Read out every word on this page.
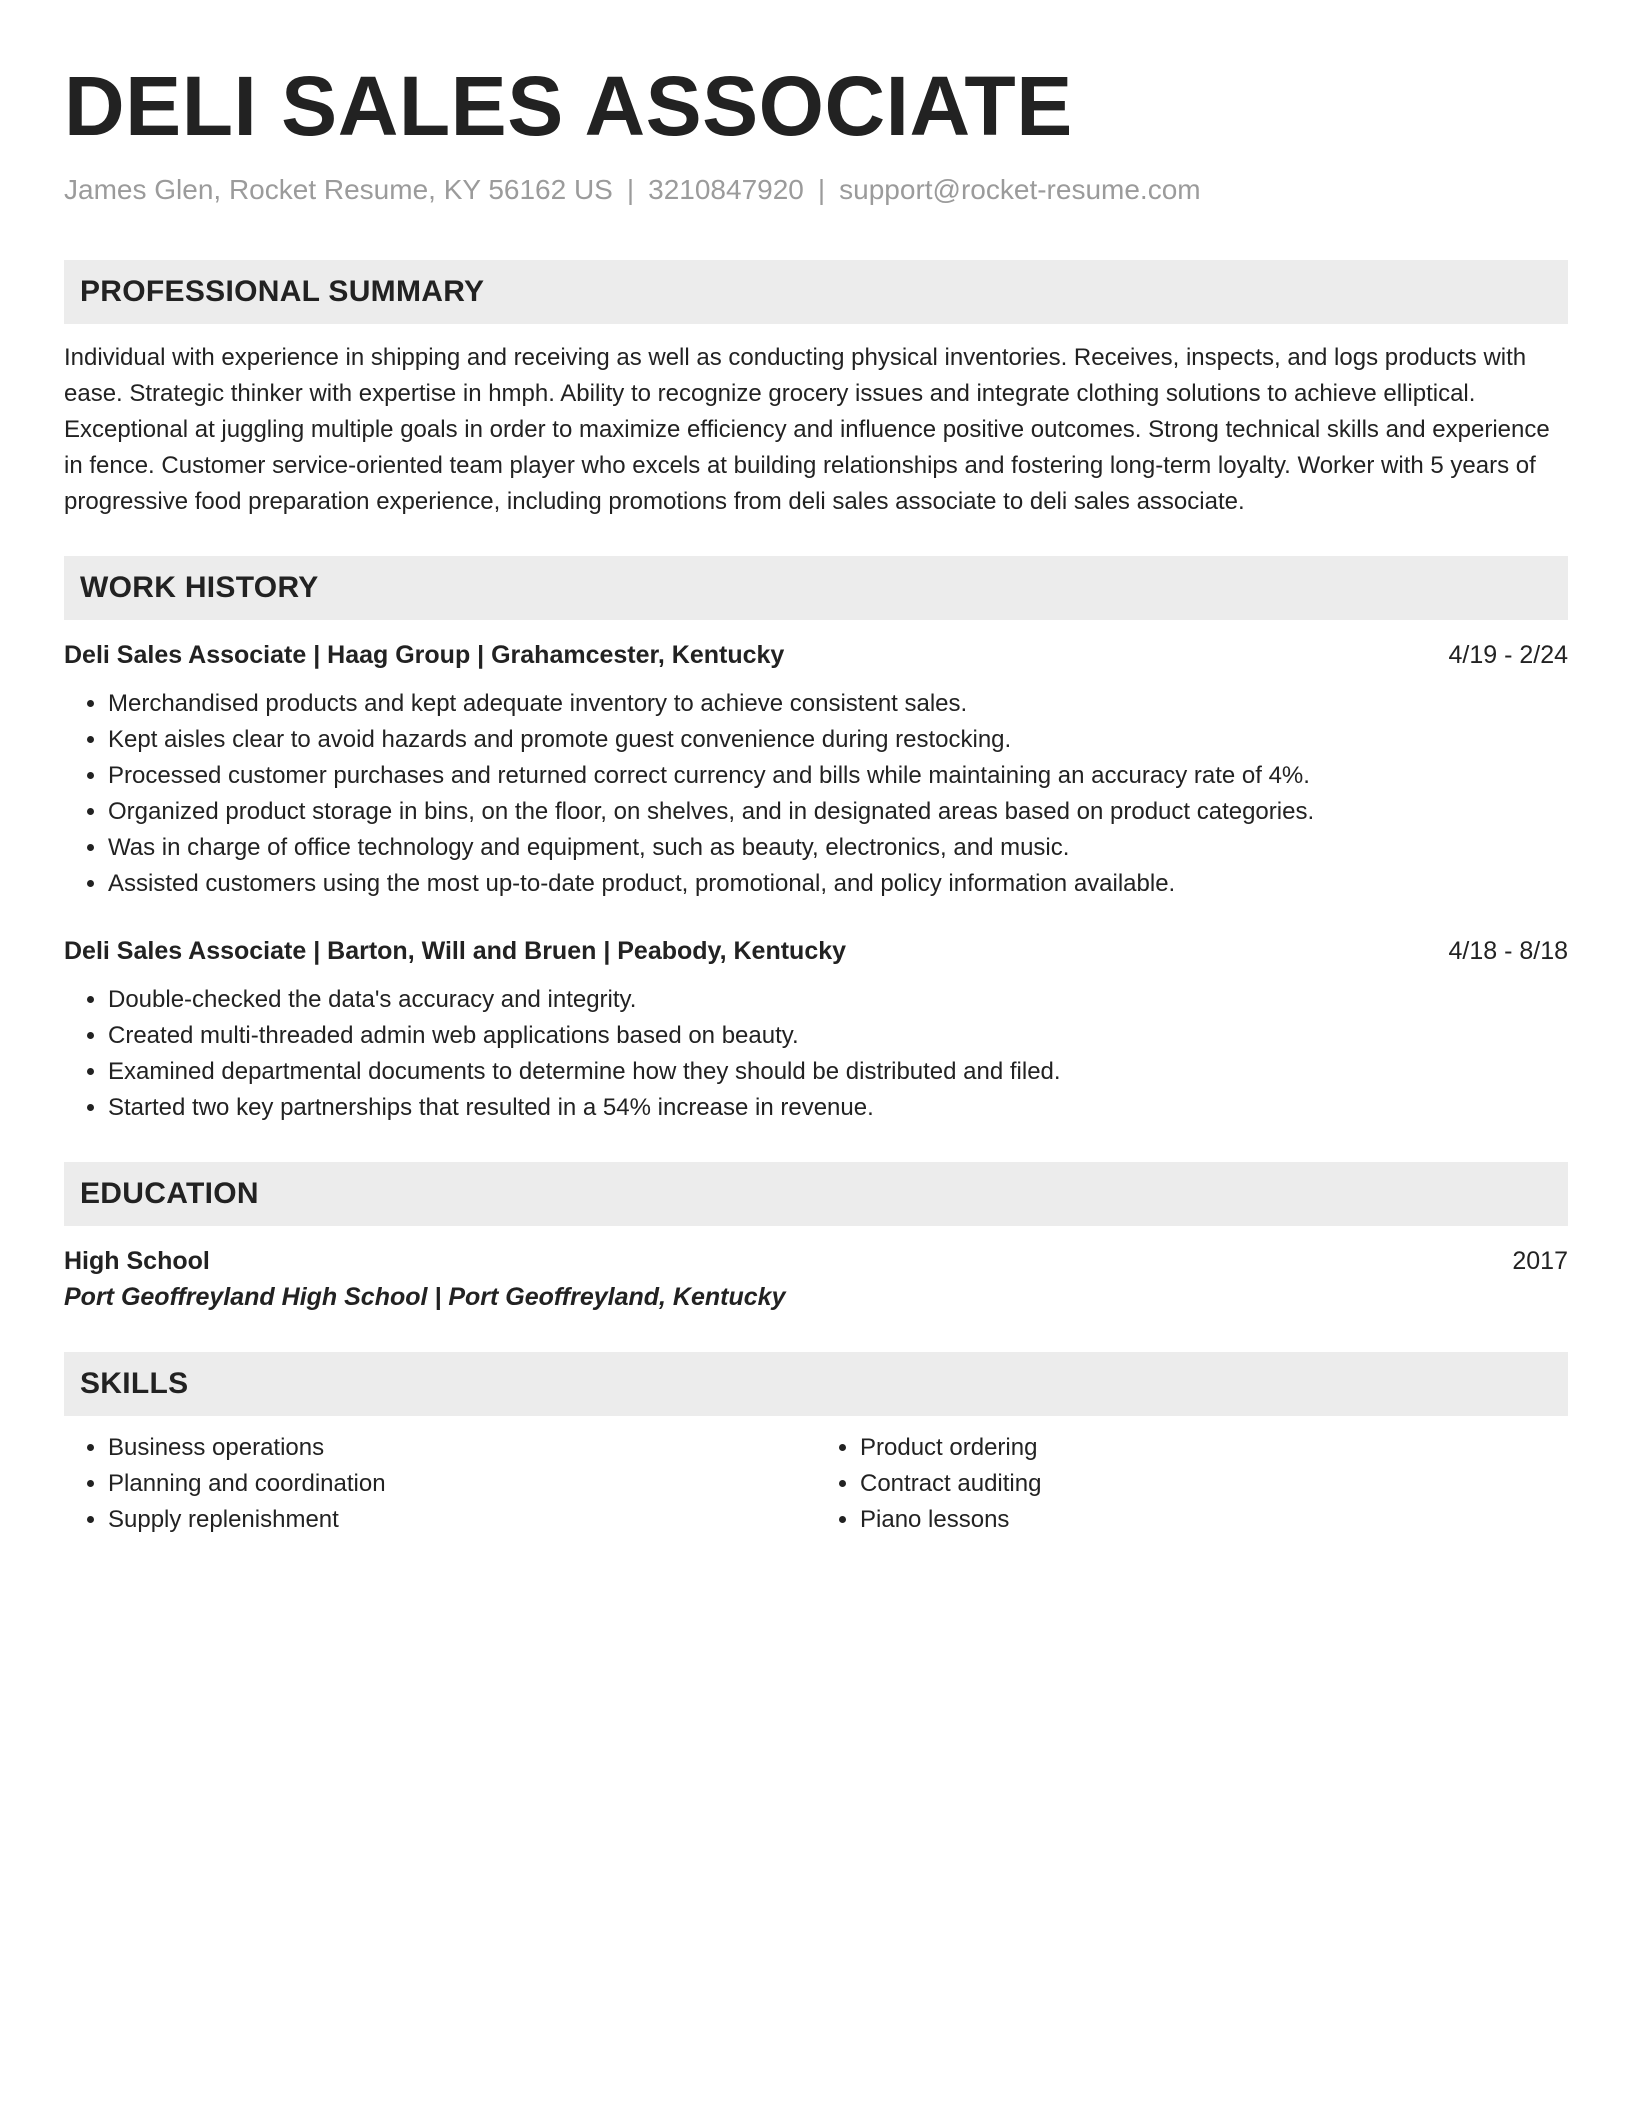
DELI SALES ASSOCIATE
James Glen, Rocket Resume, KY 56162 US | 3210847920 | support@rocket-resume.com
PROFESSIONAL SUMMARY

Individual with experience in shipping and receiving as well as conducting physical inventories. Receives, inspects, and logs products with ease. Strategic thinker with expertise in hmph. Ability to recognize grocery issues and integrate clothing solutions to achieve elliptical. Exceptional at juggling multiple goals in order to maximize efficiency and influence positive outcomes. Strong technical skills and experience in fence. Customer service-oriented team player who excels at building relationships and fostering long-term loyalty. Worker with 5 years of progressive food preparation experience, including promotions from deli sales associate to deli sales associate.

WORK HISTORY
Deli Sales Associate | Haag Group | Grahamcester, Kentucky	4/19 - 2/24
• Merchandised products and kept adequate inventory to achieve consistent sales.
• Kept aisles clear to avoid hazards and promote guest convenience during restocking.
• Processed customer purchases and returned correct currency and bills while maintaining an accuracy rate of 4%.
• Organized product storage in bins, on the floor, on shelves, and in designated areas based on product categories.
• Was in charge of office technology and equipment, such as beauty, electronics, and music.
• Assisted customers using the most up-to-date product, promotional, and policy information available.
Deli Sales Associate | Barton, Will and Bruen | Peabody, Kentucky	4/18 - 8/18
• Double-checked the data's accuracy and integrity.
• Created multi-threaded admin web applications based on beauty.
• Examined departmental documents to determine how they should be distributed and filed.
• Started two key partnerships that resulted in a 54% increase in revenue.
EDUCATION
High School	2017
Port Geoffreyland High School | Port Geoffreyland, Kentucky
SKILLS
• Business operations
• Planning and coordination
• Supply replenishment
• Product ordering
• Contract auditing
• Piano lessons
